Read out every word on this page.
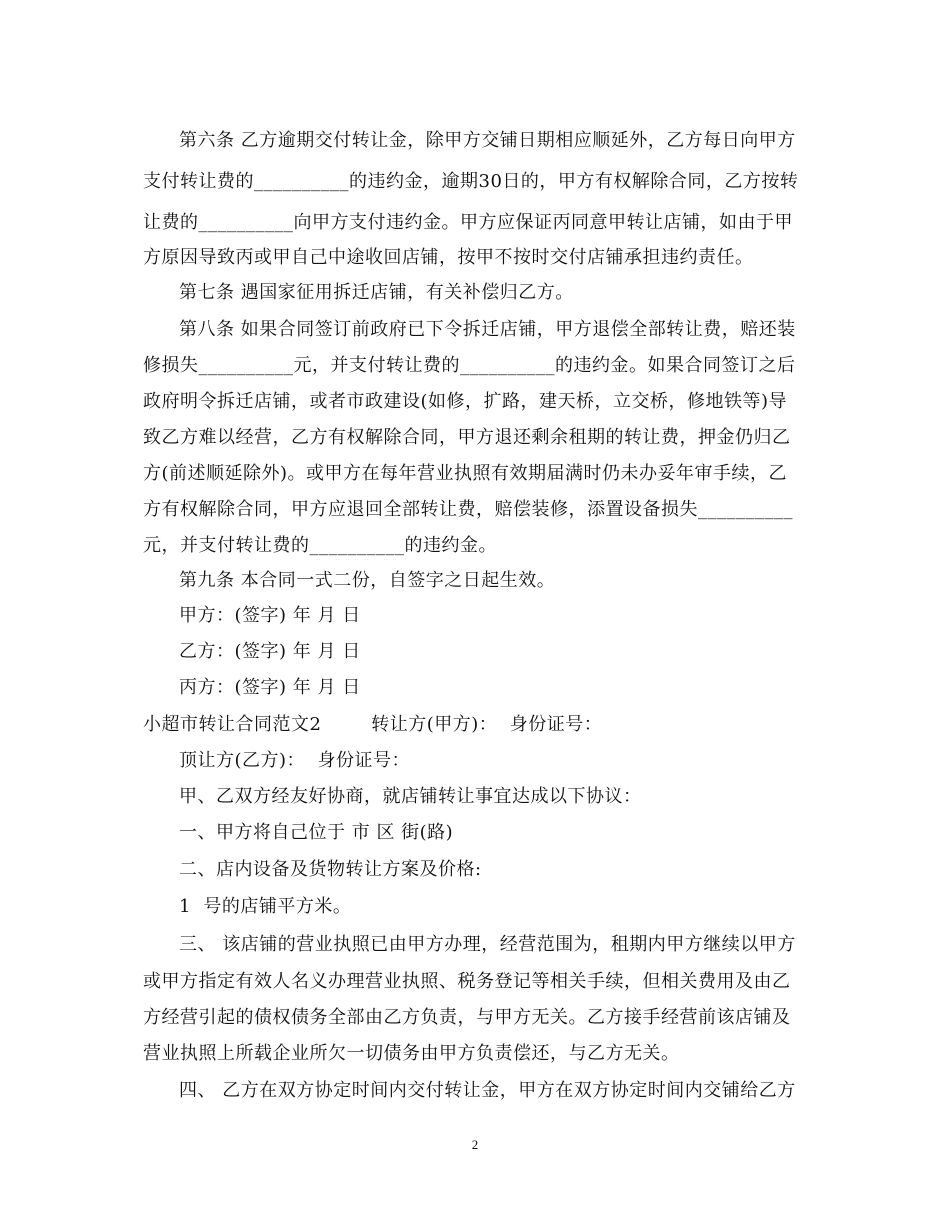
第六条 乙方逾期交付转让金，除甲方交铺日期相应顺延外，乙方每日向甲方
支付转让费的__________的违约金，逾期30日的，甲方有权解除合同，乙方按转
让费的__________向甲方支付违约金。甲方应保证丙同意甲转让店铺，如由于甲
方原因导致丙或甲自己中途收回店铺，按甲不按时交付店铺承担违约责任。
第七条 遇国家征用拆迁店铺，有关补偿归乙方。
第八条 如果合同签订前政府已下令拆迁店铺，甲方退偿全部转让费，赔还装
修损失__________元，并支付转让费的__________的违约金。如果合同签订之后
政府明令拆迁店铺，或者市政建设(如修，扩路，建天桥，立交桥，修地铁等)导
致乙方难以经营，乙方有权解除合同，甲方退还剩余租期的转让费，押金仍归乙
方(前述顺延除外)。或甲方在每年营业执照有效期届满时仍未办妥年审手续，乙
方有权解除合同，甲方应退回全部转让费，赔偿装修，添置设备损失__________
元，并支付转让费的__________的违约金。
第九条 本合同一式二份，自签字之日起生效。
甲方：(签字) 年 月 日
乙方：(签字) 年 月 日
丙方：(签字) 年 月 日
小超市转让合同范文2        转让方(甲方)：  身份证号：
顶让方(乙方)：  身份证号：
甲、乙双方经友好协商，就店铺转让事宜达成以下协议：
一、甲方将自己位于 市 区 街(路)
二、店内设备及货物转让方案及价格:
1  号的店铺平方米。
三、 该店铺的营业执照已由甲方办理，经营范围为，租期内甲方继续以甲方
或甲方指定有效人名义办理营业执照、税务登记等相关手续，但相关费用及由乙
方经营引起的债权债务全部由乙方负责，与甲方无关。乙方接手经营前该店铺及
营业执照上所载企业所欠一切债务由甲方负责偿还，与乙方无关。
四、 乙方在双方协定时间内交付转让金，甲方在双方协定时间内交铺给乙方
2
